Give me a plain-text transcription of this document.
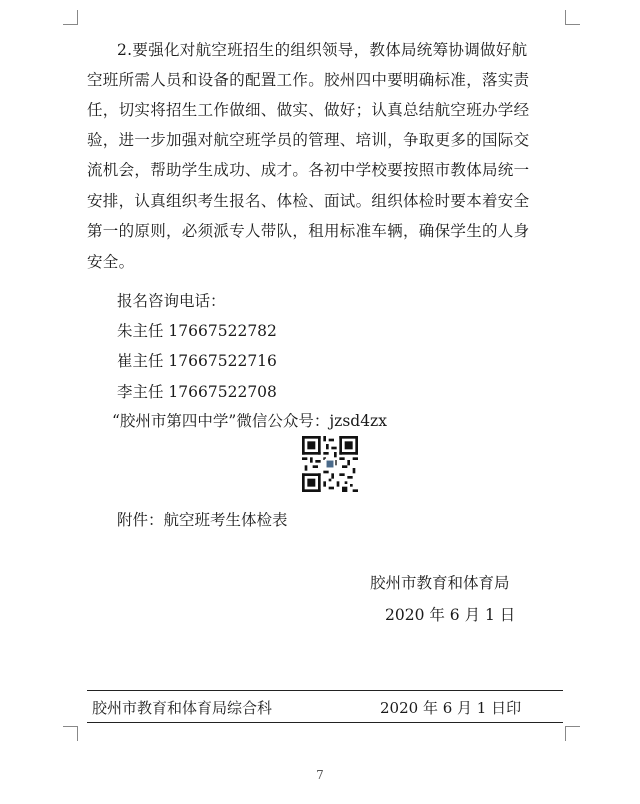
2.要强化对航空班招生的组织领导，教体局统筹协调做好航
空班所需人员和设备的配置工作。胶州四中要明确标准，落实责
任，切实将招生工作做细、做实、做好；认真总结航空班办学经
验，进一步加强对航空班学员的管理、培训，争取更多的国际交
流机会，帮助学生成功、成才。各初中学校要按照市教体局统一
安排，认真组织考生报名、体检、面试。组织体检时要本着安全
第一的原则，必须派专人带队，租用标准车辆，确保学生的人身
安全。
报名咨询电话：
朱主任 17667522782
崔主任 17667522716
李主任 17667522708
“胶州市第四中学”微信公众号：jzsd4zx
附件：航空班考生体检表
胶州市教育和体育局
2020 年 6 月 1 日
胶州市教育和体育局综合科	2020 年 6 月 1 日印
7
